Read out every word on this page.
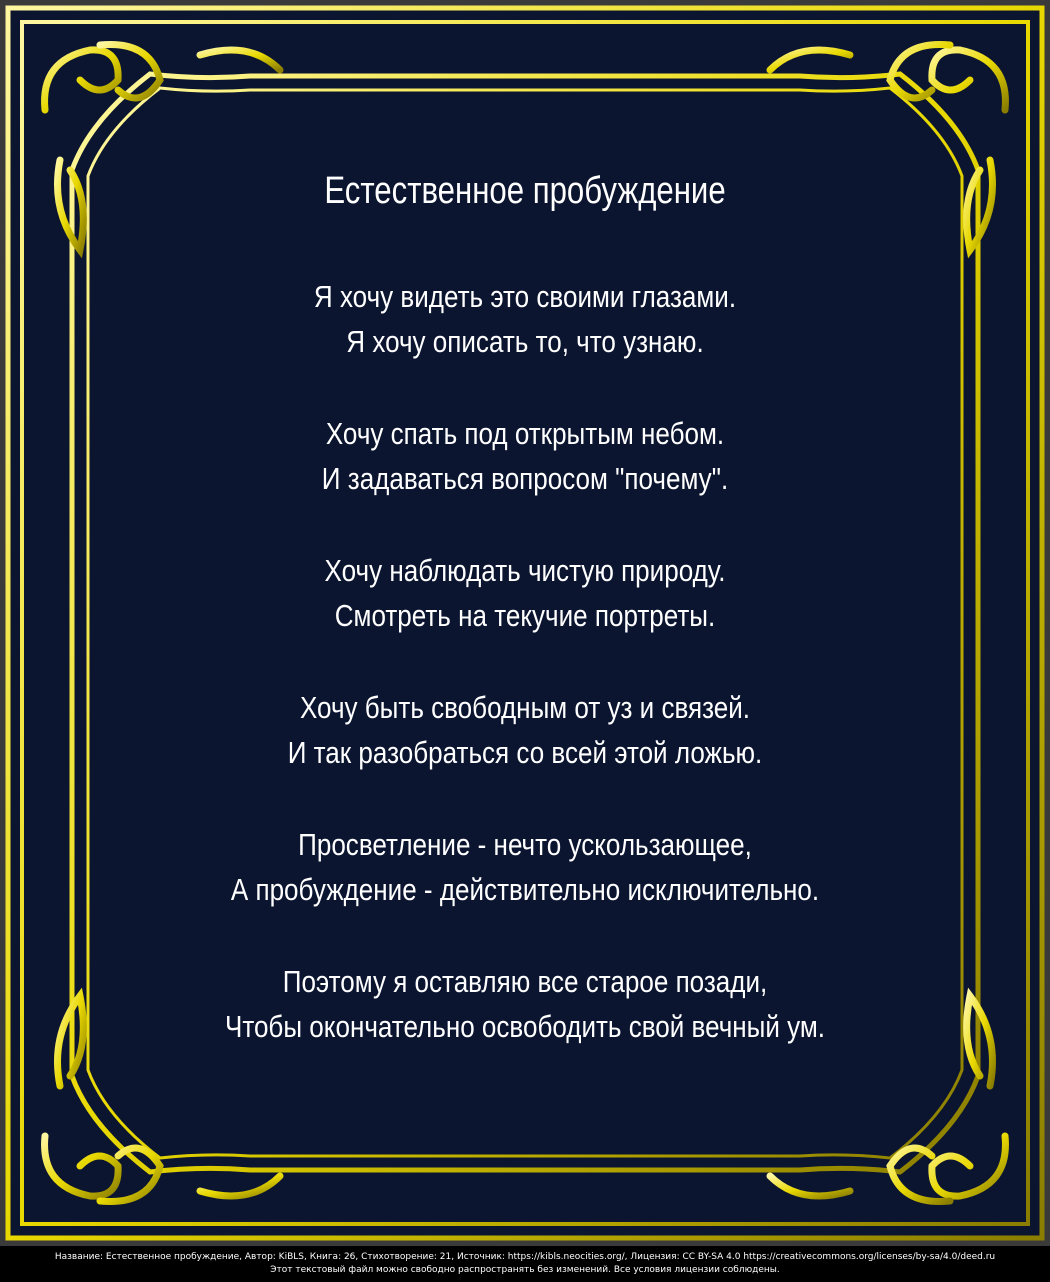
Естественное пробуждение
Я хочу видеть это своими глазами.
Я хочу описать то, что узнаю.
Хочу спать под открытым небом.
И задаваться вопросом "почему".
Хочу наблюдать чистую природу.
Смотреть на текучие портреты.
Хочу быть свободным от уз и связей.
И так разобраться со всей этой ложью.
Просветление - нечто ускользающее,
А пробуждение - действительно исключительно.
Поэтому я оставляю все старое позади,
Чтобы окончательно освободить свой вечный ум.
Название: Естественное пробуждение, Автор: KiBLS, Книга: 26, Стихотворение: 21, Источник: https://kibls.neocities.org/, Лицензия: CC BY-SA 4.0 https://creativecommons.org/licenses/by-sa/4.0/deed.ru
Этот текстовый файл можно свободно распространять без изменений. Все условия лицензии соблюдены.
